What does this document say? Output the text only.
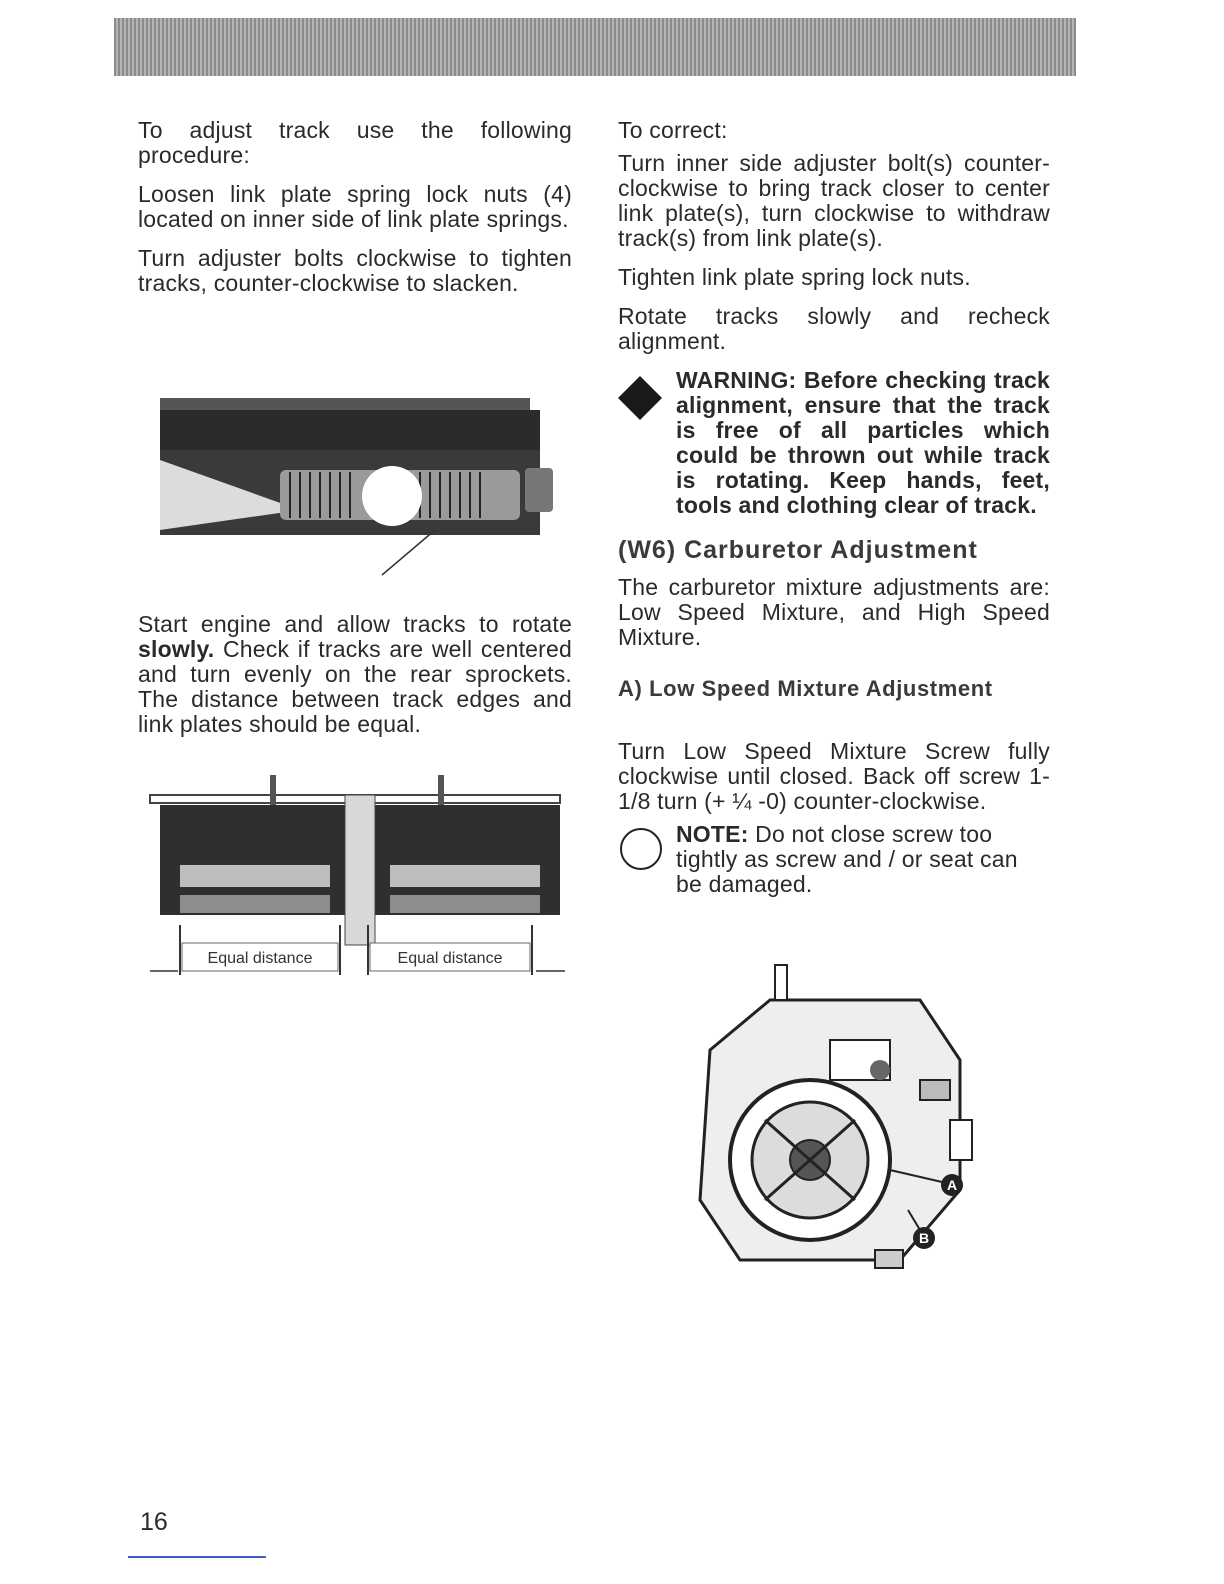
To adjust track use the following procedure:

Loosen link plate spring lock nuts (4) located on inner side of link plate springs.

Turn adjuster bolts clockwise to tighten tracks, counter-clockwise to slacken.

Start engine and allow tracks to rotate slowly. Check if tracks are well centered and turn evenly on the rear sprockets. The distance between track edges and link plates should be equal.

Equal distance	Equal distance

To correct:

Turn inner side adjuster bolt(s) counter-clockwise to bring track closer to center link plate(s), turn clockwise to withdraw track(s) from link plate(s).

Tighten link plate spring lock nuts.

Rotate tracks slowly and recheck alignment.

WARNING: Before checking track alignment, ensure that the track is free of all particles which could be thrown out while track is rotating. Keep hands, feet, tools and clothing clear of track.
(W6) Carburetor Adjustment

The carburetor mixture adjustments are: Low Speed Mixture, and High Speed Mixture.

A) Low Speed Mixture Adjustment

Turn Low Speed Mixture Screw fully clockwise until closed. Back off screw 1-1/8 turn (+ ¼ -0) counter-clockwise.

NOTE: Do not close screw too tightly as screw and / or seat can be damaged.
A
B
16
